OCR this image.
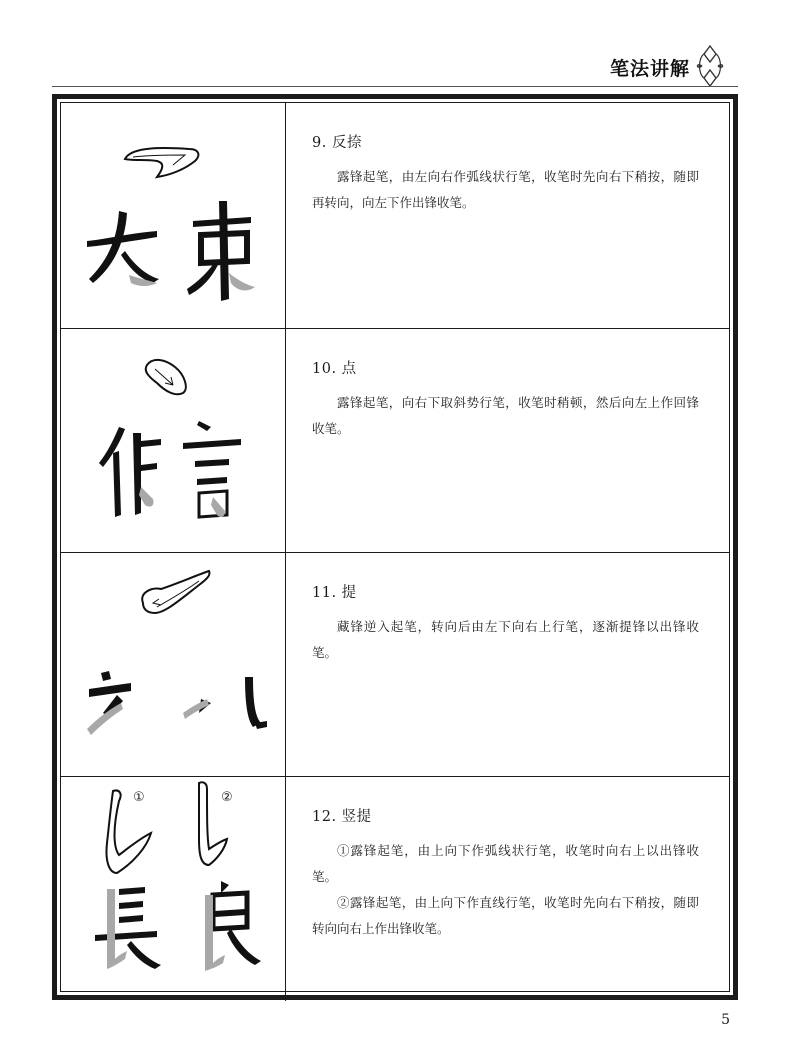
笔法讲解
9. 反捺

露锋起笔，由左向右作弧线状行笔，收笔时先向右下稍按，随即再转向，向左下作出锋收笔。

10. 点

露锋起笔，向右下取斜势行笔，收笔时稍顿，然后向左上作回锋收笔。

11. 提

藏锋逆入起笔，转向后由左下向右上行笔，逐渐提锋以出锋收笔。

①	②
12. 竖提

①露锋起笔，由上向下作弧线状行笔，收笔时向右上以出锋收笔。

②露锋起笔，由上向下作直线行笔，收笔时先向右下稍按，随即转向向右上作出锋收笔。

5
